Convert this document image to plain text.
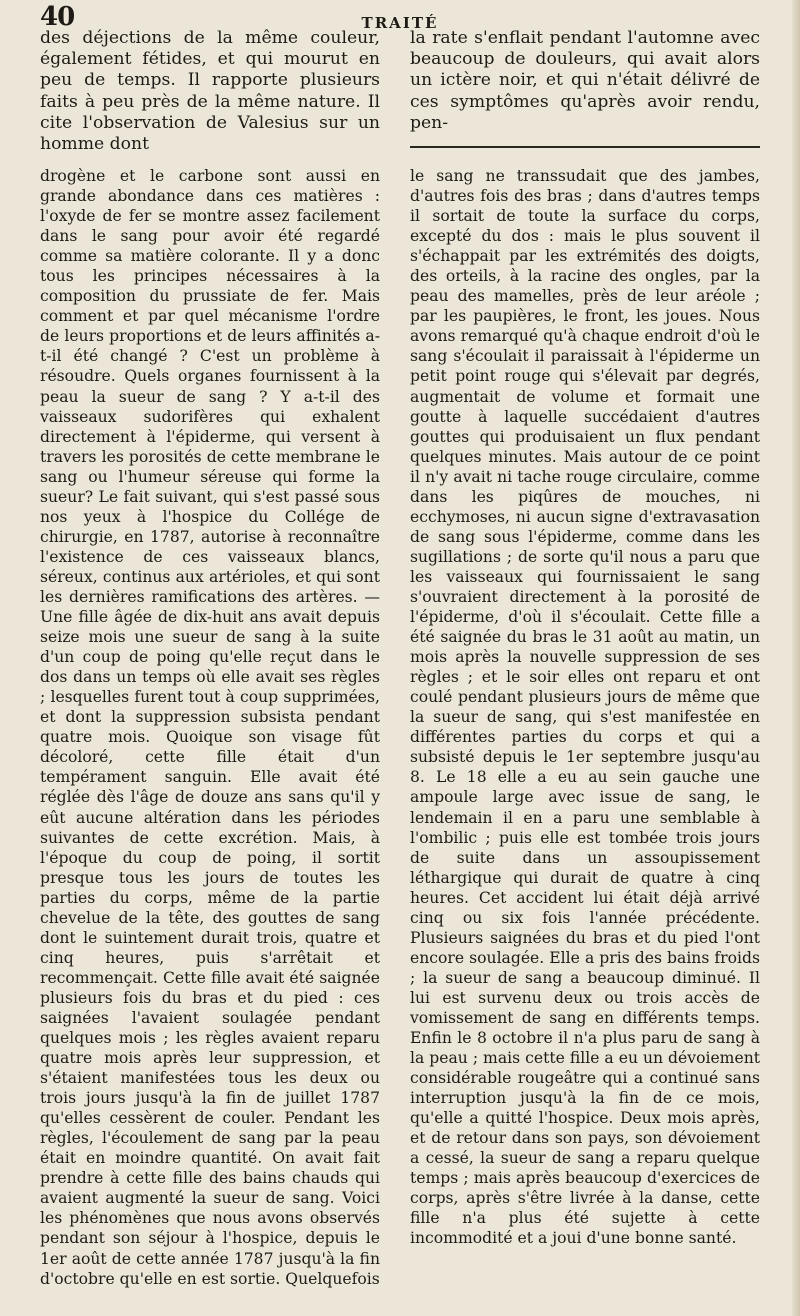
40	TRAITÉ
des déjections de la même couleur, également fétides, et qui mourut en peu de temps. Il rapporte plusieurs faits à peu près de la même nature. Il cite l'observation de Valesius sur un homme dont
la rate s'enflait pendant l'automne avec beaucoup de douleurs, qui avait alors un ictère noir, et qui n'était délivré de ces symptômes qu'après avoir rendu, pen-
drogène et le carbone sont aussi en grande abondance dans ces matières : l'oxyde de fer se montre assez facilement dans le sang pour avoir été regardé comme sa matière colorante. Il y a donc tous les principes nécessaires à la composition du prussiate de fer. Mais comment et par quel mécanisme l'ordre de leurs proportions et de leurs affinités a-t-il été changé ? C'est un problème à résoudre. Quels organes fournissent à la peau la sueur de sang ? Y a-t-il des vaisseaux sudorifères qui exhalent directement à l'épiderme, qui versent à travers les porosités de cette membrane le sang ou l'humeur séreuse qui forme la sueur? Le fait suivant, qui s'est passé sous nos yeux à l'hospice du Collége de chirurgie, en 1787, autorise à reconnaître l'existence de ces vaisseaux blancs, séreux, continus aux artérioles, et qui sont les dernières ramifications des artères. — Une fille âgée de dix-huit ans avait depuis seize mois une sueur de sang à la suite d'un coup de poing qu'elle reçut dans le dos dans un temps où elle avait ses règles ; lesquelles furent tout à coup supprimées, et dont la suppression subsista pendant quatre mois. Quoique son visage fût décoloré, cette fille était d'un tempérament sanguin. Elle avait été réglée dès l'âge de douze ans sans qu'il y eût aucune altération dans les périodes suivantes de cette excrétion. Mais, à l'époque du coup de poing, il sortit presque tous les jours de toutes les parties du corps, même de la partie chevelue de la tête, des gouttes de sang dont le suintement durait trois, quatre et cinq heures, puis s'arrêtait et recommençait. Cette fille avait été saignée plusieurs fois du bras et du pied : ces saignées l'avaient soulagée pendant quelques mois ; les règles avaient reparu quatre mois après leur suppression, et s'étaient manifestées tous les deux ou trois jours jusqu'à la fin de juillet 1787 qu'elles cessèrent de couler. Pendant les règles, l'écoulement de sang par la peau était en moindre quantité. On avait fait prendre à cette fille des bains chauds qui avaient augmenté la sueur de sang. Voici les phénomènes que nous avons observés pendant son séjour à l'hospice, depuis le 1er août de cette année 1787 jusqu'à la fin d'octobre qu'elle en est sortie. Quelquefois
le sang ne transsudait que des jambes, d'autres fois des bras ; dans d'autres temps il sortait de toute la surface du corps, excepté du dos : mais le plus souvent il s'échappait par les extrémités des doigts, des orteils, à la racine des ongles, par la peau des mamelles, près de leur aréole ; par les paupières, le front, les joues. Nous avons remarqué qu'à chaque endroit d'où le sang s'écoulait il paraissait à l'épiderme un petit point rouge qui s'élevait par degrés, augmentait de volume et formait une goutte à laquelle succédaient d'autres gouttes qui produisaient un flux pendant quelques minutes. Mais autour de ce point il n'y avait ni tache rouge circulaire, comme dans les piqûres de mouches, ni ecchymoses, ni aucun signe d'extravasation de sang sous l'épiderme, comme dans les sugillations ; de sorte qu'il nous a paru que les vaisseaux qui fournissaient le sang s'ouvraient directement à la porosité de l'épiderme, d'où il s'écoulait. Cette fille a été saignée du bras le 31 août au matin, un mois après la nouvelle suppression de ses règles ; et le soir elles ont reparu et ont coulé pendant plusieurs jours de même que la sueur de sang, qui s'est manifestée en différentes parties du corps et qui a subsisté depuis le 1er septembre jusqu'au 8. Le 18 elle a eu au sein gauche une ampoule large avec issue de sang, le lendemain il en a paru une semblable à l'ombilic ; puis elle est tombée trois jours de suite dans un assoupissement léthargique qui durait de quatre à cinq heures. Cet accident lui était déjà arrivé cinq ou six fois l'année précédente. Plusieurs saignées du bras et du pied l'ont encore soulagée. Elle a pris des bains froids ; la sueur de sang a beaucoup diminué. Il lui est survenu deux ou trois accès de vomissement de sang en différents temps. Enfin le 8 octobre il n'a plus paru de sang à la peau ; mais cette fille a eu un dévoiement considérable rougeâtre qui a continué sans interruption jusqu'à la fin de ce mois, qu'elle a quitté l'hospice. Deux mois après, et de retour dans son pays, son dévoiement a cessé, la sueur de sang a reparu quelque temps ; mais après beaucoup d'exercices de corps, après s'être livrée à la danse, cette fille n'a plus été sujette à cette incommodité et a joui d'une bonne santé.
